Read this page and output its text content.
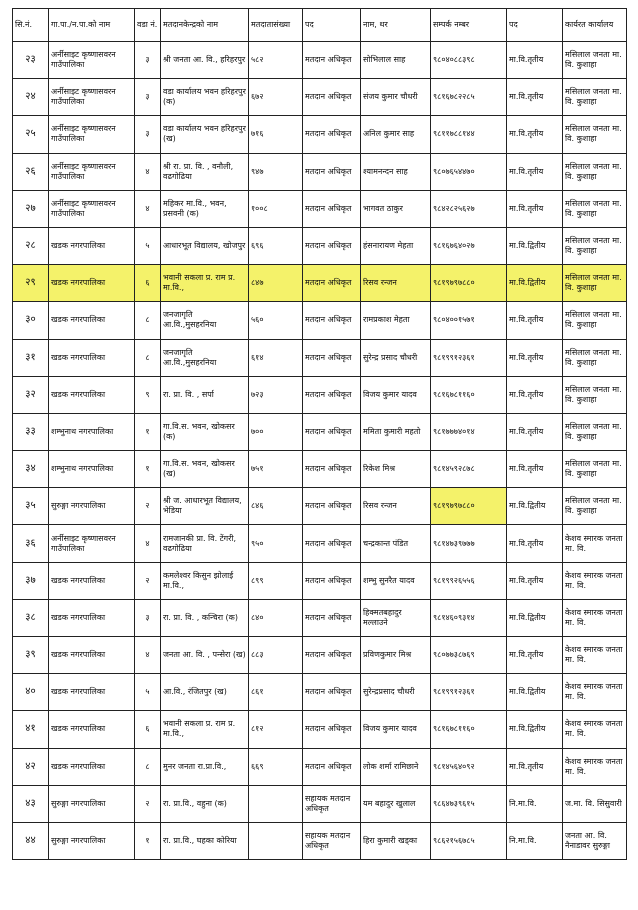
सि.नं.	गा.पा./न.पा.को नाम	वडा नं.	मतदानकेन्द्रको नाम	मतदातासंख्या	पद	नाम, थर	सम्पर्क नम्बर	पद	कार्यरत कार्यालय
२३	अर्नीसाइट कृष्णासवरन गाउँपालिका	३	श्री जनता आ. वि., हरिहरपुर	५८२	मतदान अधिकृत	सोभिलाल साह	९८०४०८८३९८	मा.वि.तृतीय	मसिलाल जनता मा. वि. कुशाहा
२४	अर्नीसाइट कृष्णासवरन गाउँपालिका	३	वडा कार्यालय भवन हरिहरपुर (क)	६७२	मतदान अधिकृत	संजय कुमार चौधरी	९८१६७८२२८५	मा.वि.तृतीय	मसिलाल जनता मा. वि. कुशाहा
२५	अर्नीसाइट कृष्णासवरन गाउँपालिका	३	वडा कार्यालय भवन हरिहरपुर (ख)	७१६	मतदान अधिकृत	अनिल कुमार साह	९८११७८८१४४	मा.वि.तृतीय	मसिलाल जनता मा. वि. कुशाहा
२६	अर्नीसाइट कृष्णासवरन गाउँपालिका	४	श्री रा. प्रा. वि. , वनौली, वढगोढिया	९४७	मतदान अधिकृत	श्यामनन्दन साह	९८०७६५४४७०	मा.वि.तृतीय	मसिलाल जनता मा. वि. कुशाहा
२७	अर्नीसाइट कृष्णासवरन गाउँपालिका	४	महिकर मा.वि., भवन, प्रसवनी (क)	१००८	मतदान अधिकृत	भागवत ठाकुर	९८४२८२५६२७	मा.वि.तृतीय	मसिलाल जनता मा. वि. कुशाहा
२८	खडक नगरपालिका	५	आधारभूत विद्यालय, खोजपुर	६९६	मतदान अधिकृत	हंसनारायण मेहता	९८१६७६४०२७	मा.वि.द्वितीय	मसिलाल जनता मा. वि. कुशाहा
२९	खडक नगरपालिका	६	भवानी सकला प्र. राम प्र. मा.वि.,	८४७	मतदान अधिकृत	रिसव रन्जन	९८१९७९७८८०	मा.वि.द्वितीय	मसिलाल जनता मा. वि. कुशाहा
३०	खडक नगरपालिका	८	जनजागृति आ.वि.,मुसहरनिया	५६०	मतदान अधिकृत	रामप्रकाश मेहता	९८०४००१५७१	मा.वि.तृतीय	मसिलाल जनता मा. वि. कुशाहा
३१	खडक नगरपालिका	८	जनजागृति आ.वि.,मुसहरनिया	६१४	मतदान अधिकृत	सुरेन्द्र प्रसाद चौधरी	९८१९९१२३६१	मा.वि.तृतीय	मसिलाल जनता मा. वि. कुशाहा
३२	खडक नगरपालिका	९	रा. प्रा. वि. , सर्पा	७२३	मतदान अधिकृत	विजय कुमार यादव	९८१६७८११६०	मा.वि.तृतीय	मसिलाल जनता मा. वि. कुशाहा
३३	शम्भुनाथ नगरपालिका	१	गा.वि.स. भवन, खोकसर (क)	७००	मतदान अधिकृत	ममिता कुमारी महतो	९८१७७७४०१४	मा.वि.तृतीय	मसिलाल जनता मा. वि. कुशाहा
३४	शम्भुनाथ नगरपालिका	१	गा.वि.स. भवन, खोकसर (ख)	७५१	मतदान अधिकृत	रिकेश मिश्र	९८१४५९२८७८	मा.वि.तृतीय	मसिलाल जनता मा. वि. कुशाहा
३५	सुरुङ्गा नगरपालिका	२	श्री ज. आधारभूत विद्यालय, भेडिया	८४६	मतदान अधिकृत	रिसव रन्जन	९८१९७९७८८०	मा.वि.द्वितीय	मसिलाल जनता मा. वि. कुशाहा
३६	अर्नीसाइट कृष्णासवरन गाउँपालिका	४	रामजानकी प्रा. वि. टेंगरी, वढगोढिया	९५०	मतदान अधिकृत	चन्द्रकान्त पंडित	९८१४७३९७७७	मा.वि.तृतीय	केशव स्मारक जनता मा. वि.
३७	खडक नगरपालिका	२	कमलेश्वर किसुन झोलाई मा.वि.,	८९९	मतदान अधिकृत	शम्भु सुनरैत यादव	९८१९९२६५५६	मा.वि.तृतीय	केशव स्मारक जनता मा. वि.
३८	खडक नगरपालिका	३	रा. प्रा. वि. , कन्चिरा (क)	८४०	मतदान अधिकृत	हिक्मतबहादुर मल्लाउने	९८१४६०९३१४	मा.वि.द्वितीय	केशव स्मारक जनता मा. वि.
३९	खडक नगरपालिका	४	जनता आ. वि. , पन्सेरा (ख)	८८३	मतदान अधिकृत	प्रविणकुमार मिश्र	९८०७७३८७६९	मा.वि.तृतीय	केशव स्मारक जनता मा. वि.
४०	खडक नगरपालिका	५	आ.वि., रंजितपुर (ख)	८६१	मतदान अधिकृत	सुरेन्द्रप्रसाद चौधरी	९८१९९१२३६१	मा.वि.द्वितीय	केशव स्मारक जनता मा. वि.
४१	खडक नगरपालिका	६	भवानी सकला प्र. राम प्र. मा.वि.,	८१२	मतदान अधिकृत	विजय कुमार यादव	९८१६७८११६०	मा.वि.द्वितीय	केशव स्मारक जनता मा. वि.
४२	खडक नगरपालिका	८	मुनर जनता रा.प्रा.वि.,	६६९	मतदान अधिकृत	लोक शर्मा रामिछाने	९८१४५६४०९२	मा.वि.तृतीय	केशव स्मारक जनता मा. वि.
४३	सुरुङ्गा नगरपालिका	२	रा. प्रा.वि., वहुना (क)		सहायक मतदान अधिकृत	यम बहादुर खुलाल	९८६४७३९६१५	नि.मा.वि.	ज.मा. वि. सिसुवारी
४४	सुरुङ्गा नगरपालिका	१	रा. प्रा.वि., घहका कोरिया		सहायक मतदान अधिकृत	हिरा कुमारी खड्का	९८६२१५६७८५	नि.मा.वि.	जनता आ. वि. नैनाडावर सुरुङ्गा
